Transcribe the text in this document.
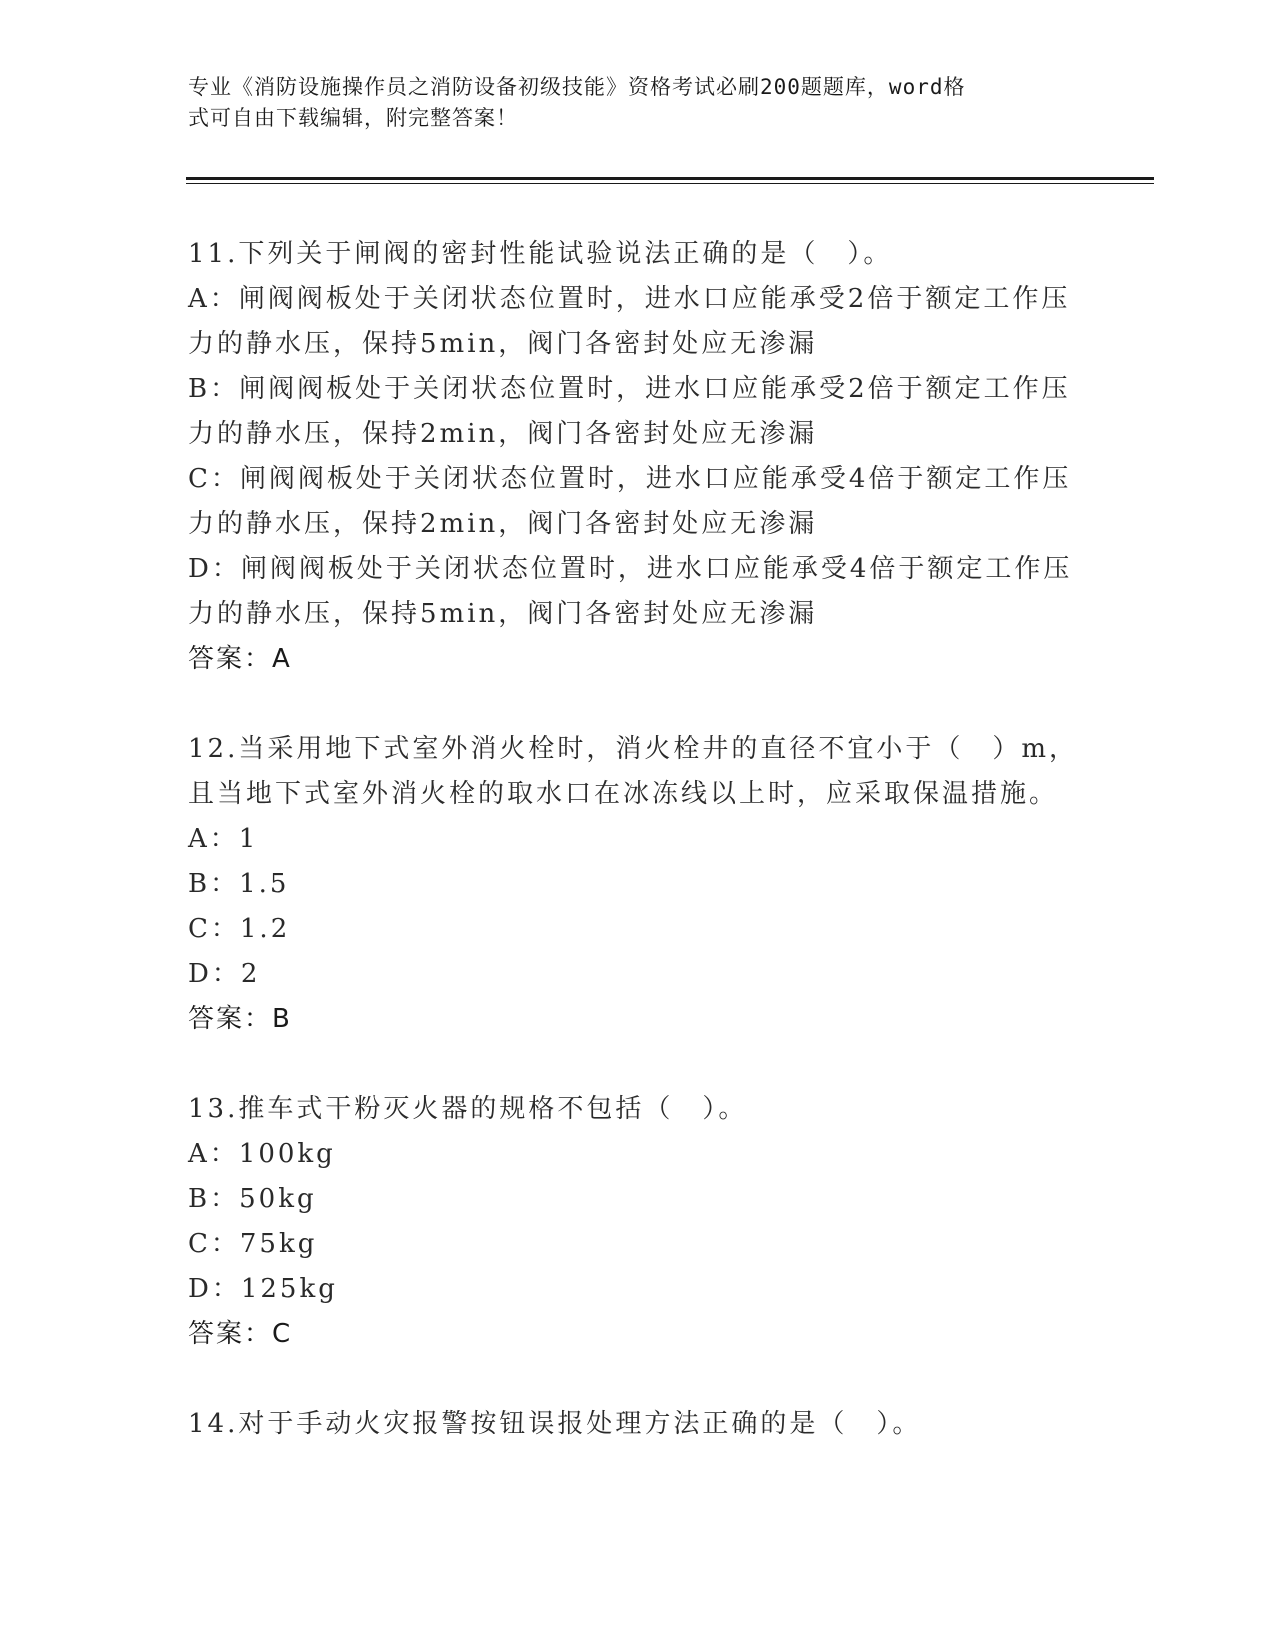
专业《消防设施操作员之消防设备初级技能》资格考试必刷200题题库，word格
式可自由下载编辑，附完整答案！
11.下列关于闸阀的密封性能试验说法正确的是（　）。
A：闸阀阀板处于关闭状态位置时，进水口应能承受2倍于额定工作压
力的静水压，保持5min，阀门各密封处应无渗漏
B：闸阀阀板处于关闭状态位置时，进水口应能承受2倍于额定工作压
力的静水压，保持2min，阀门各密封处应无渗漏
C：闸阀阀板处于关闭状态位置时，进水口应能承受4倍于额定工作压
力的静水压，保持2min，阀门各密封处应无渗漏
D：闸阀阀板处于关闭状态位置时，进水口应能承受4倍于额定工作压
力的静水压，保持5min，阀门各密封处应无渗漏
答案：A
12.当采用地下式室外消火栓时，消火栓井的直径不宜小于（　）m，
且当地下式室外消火栓的取水口在冰冻线以上时，应采取保温措施。
A：1
B：1.5
C：1.2
D：2
答案：B
13.推车式干粉灭火器的规格不包括（　）。
A：100kg
B：50kg
C：75kg
D：125kg
答案：C
14.对于手动火灾报警按钮误报处理方法正确的是（　）。
